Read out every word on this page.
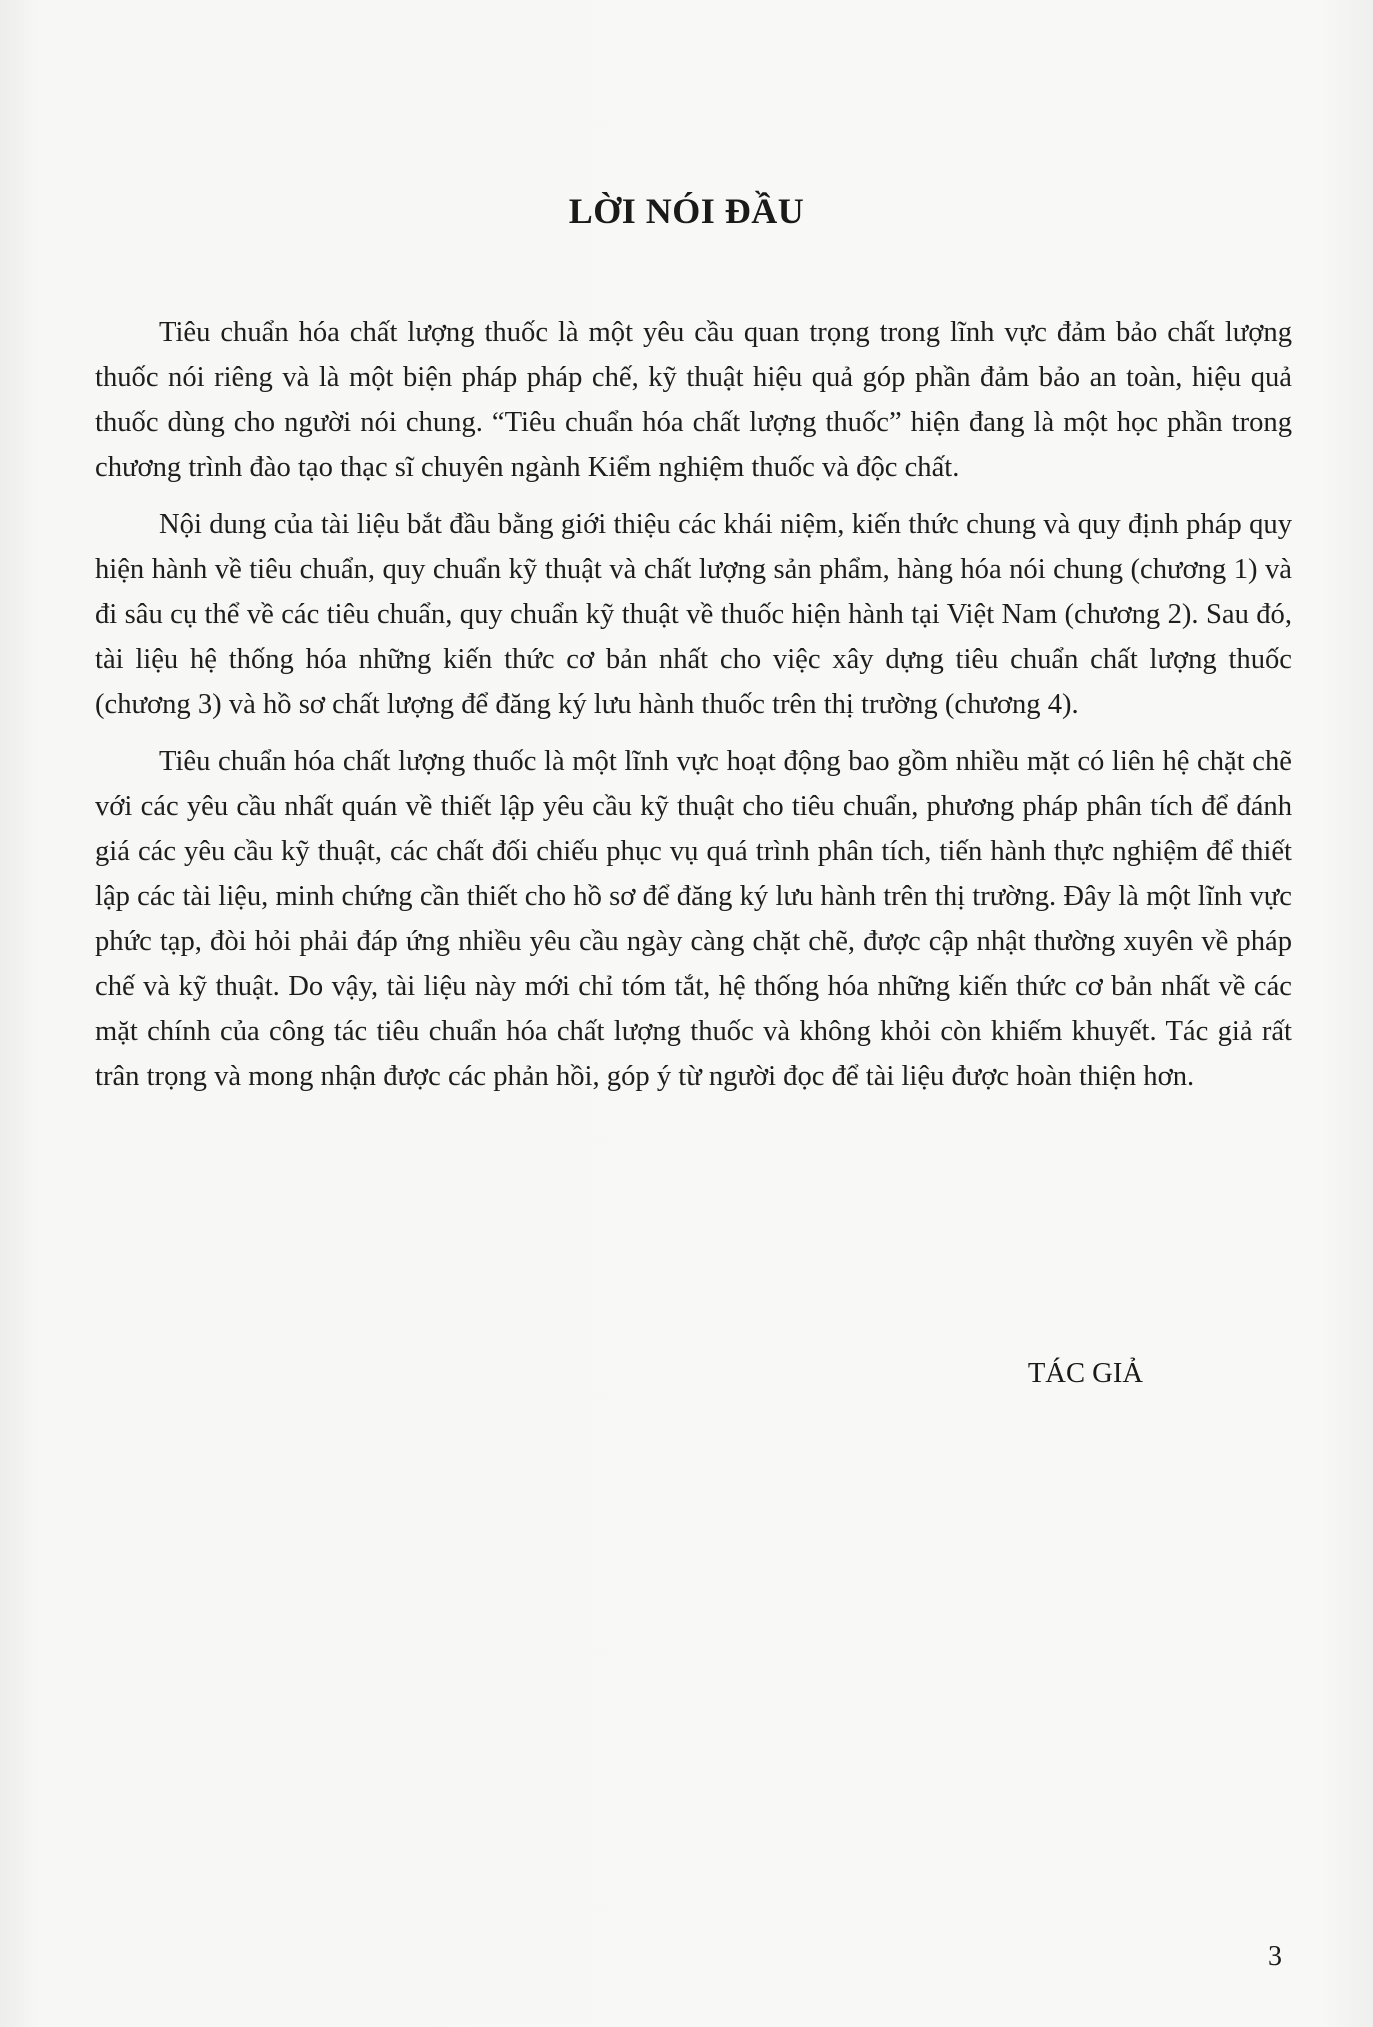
LỜI NÓI ĐẦU

Tiêu chuẩn hóa chất lượng thuốc là một yêu cầu quan trọng trong lĩnh vực đảm bảo chất lượng thuốc nói riêng và là một biện pháp pháp chế, kỹ thuật hiệu quả góp phần đảm bảo an toàn, hiệu quả thuốc dùng cho người nói chung. “Tiêu chuẩn hóa chất lượng thuốc” hiện đang là một học phần trong chương trình đào tạo thạc sĩ chuyên ngành Kiểm nghiệm thuốc và độc chất.

Nội dung của tài liệu bắt đầu bằng giới thiệu các khái niệm, kiến thức chung và quy định pháp quy hiện hành về tiêu chuẩn, quy chuẩn kỹ thuật và chất lượng sản phẩm, hàng hóa nói chung (chương 1) và đi sâu cụ thể về các tiêu chuẩn, quy chuẩn kỹ thuật về thuốc hiện hành tại Việt Nam (chương 2). Sau đó, tài liệu hệ thống hóa những kiến thức cơ bản nhất cho việc xây dựng tiêu chuẩn chất lượng thuốc (chương 3) và hồ sơ chất lượng để đăng ký lưu hành thuốc trên thị trường (chương 4).

Tiêu chuẩn hóa chất lượng thuốc là một lĩnh vực hoạt động bao gồm nhiều mặt có liên hệ chặt chẽ với các yêu cầu nhất quán về thiết lập yêu cầu kỹ thuật cho tiêu chuẩn, phương pháp phân tích để đánh giá các yêu cầu kỹ thuật, các chất đối chiếu phục vụ quá trình phân tích, tiến hành thực nghiệm để thiết lập các tài liệu, minh chứng cần thiết cho hồ sơ để đăng ký lưu hành trên thị trường. Đây là một lĩnh vực phức tạp, đòi hỏi phải đáp ứng nhiều yêu cầu ngày càng chặt chẽ, được cập nhật thường xuyên về pháp chế và kỹ thuật. Do vậy, tài liệu này mới chỉ tóm tắt, hệ thống hóa những kiến thức cơ bản nhất về các mặt chính của công tác tiêu chuẩn hóa chất lượng thuốc và không khỏi còn khiếm khuyết. Tác giả rất trân trọng và mong nhận được các phản hồi, góp ý từ người đọc để tài liệu được hoàn thiện hơn.

TÁC GIẢ
3
